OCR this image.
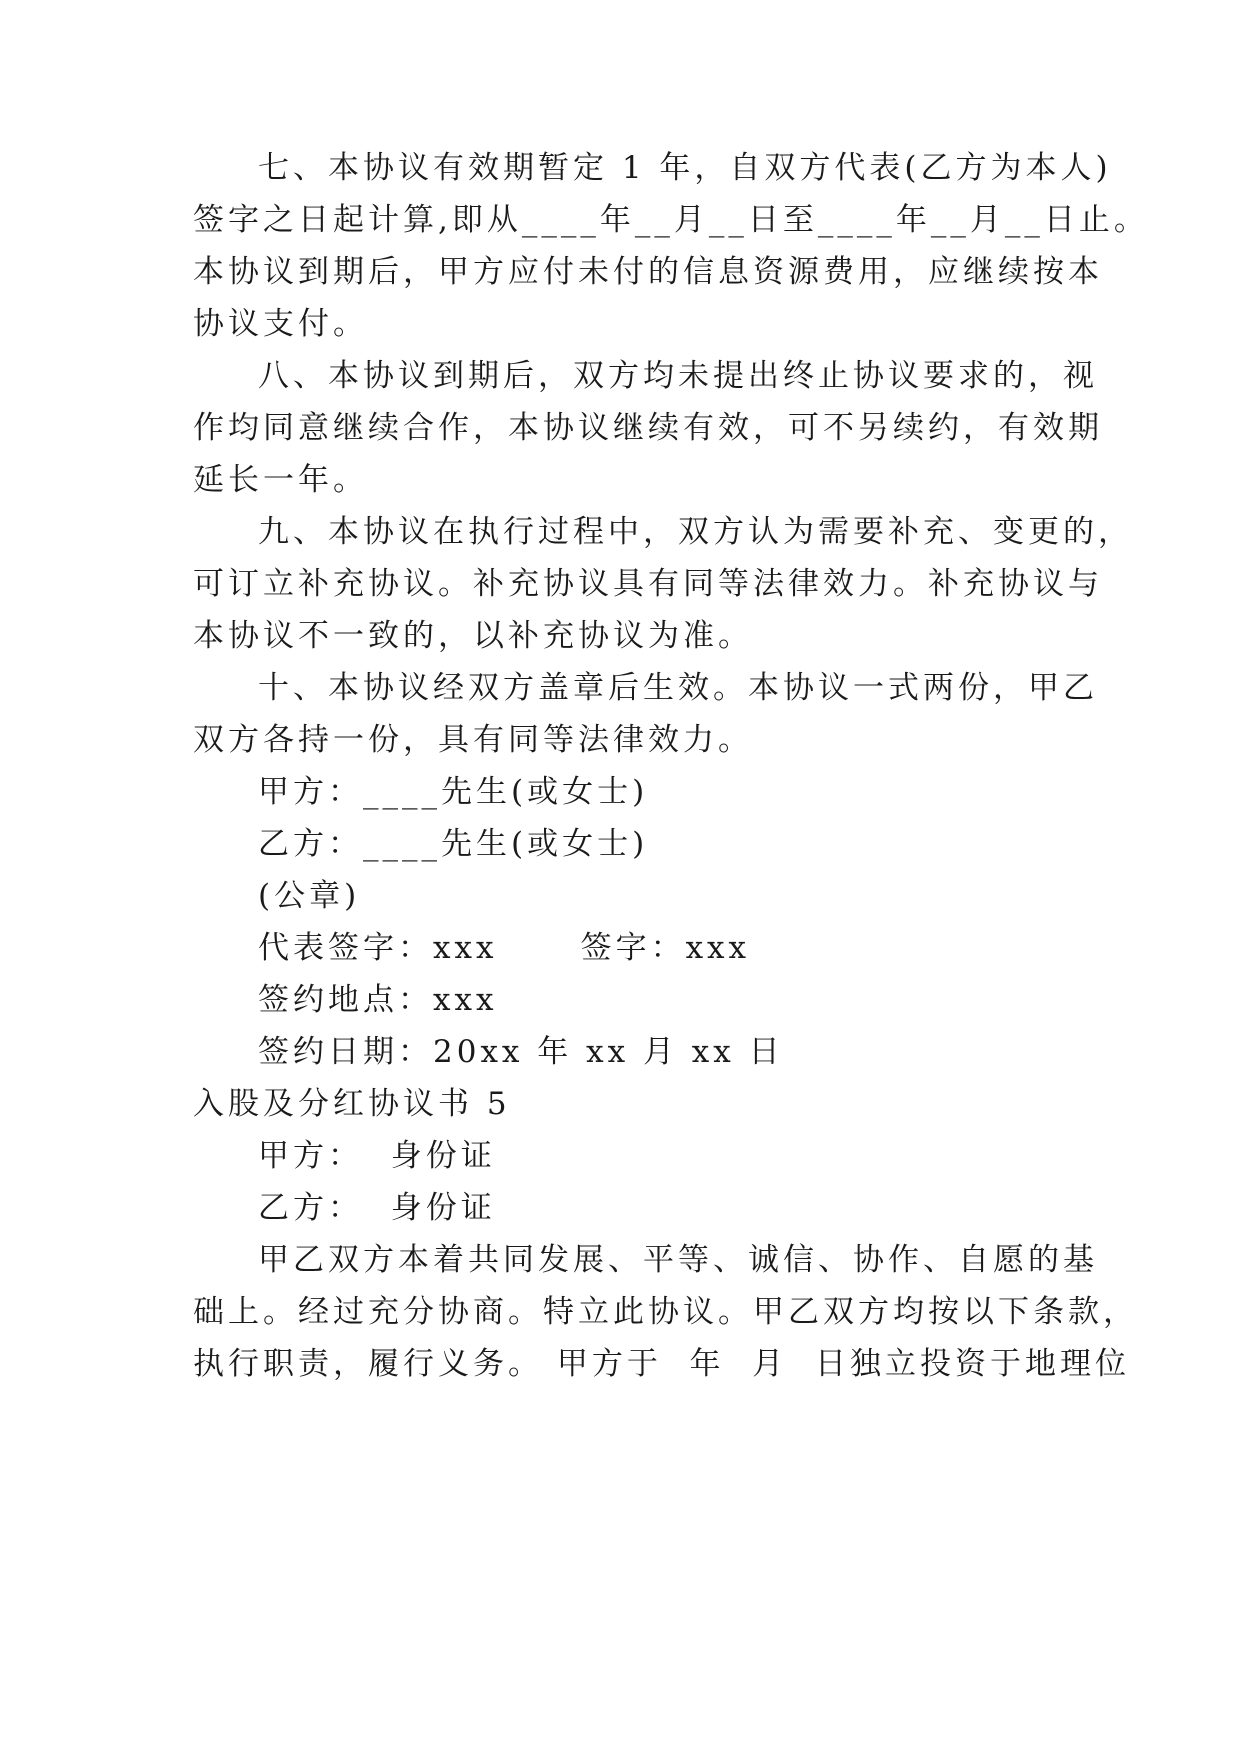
七、本协议有效期暂定 1 年，自双方代表(乙方为本人)
签字之日起计算,即从____年__月__日至____年__月__日止。
本协议到期后，甲方应付未付的信息资源费用，应继续按本
协议支付。
八、本协议到期后，双方均未提出终止协议要求的，视
作均同意继续合作，本协议继续有效，可不另续约，有效期
延长一年。
九、本协议在执行过程中，双方认为需要补充、变更的，
可订立补充协议。补充协议具有同等法律效力。补充协议与
本协议不一致的，以补充协议为准。
十、本协议经双方盖章后生效。本协议一式两份，甲乙
双方各持一份，具有同等法律效力。
甲方：____先生(或女士)
乙方：____先生(或女士)
(公章)
代表签字：xxx      签字：xxx
签约地点：xxx
签约日期：20xx 年 xx 月 xx 日
入股及分红协议书 5
甲方：  身份证
乙方：  身份证
甲乙双方本着共同发展、平等、诚信、协作、自愿的基
础上。经过充分协商。特立此协议。甲乙双方均按以下条款，
执行职责，履行义务。 甲方于  年  月  日独立投资于地理位
